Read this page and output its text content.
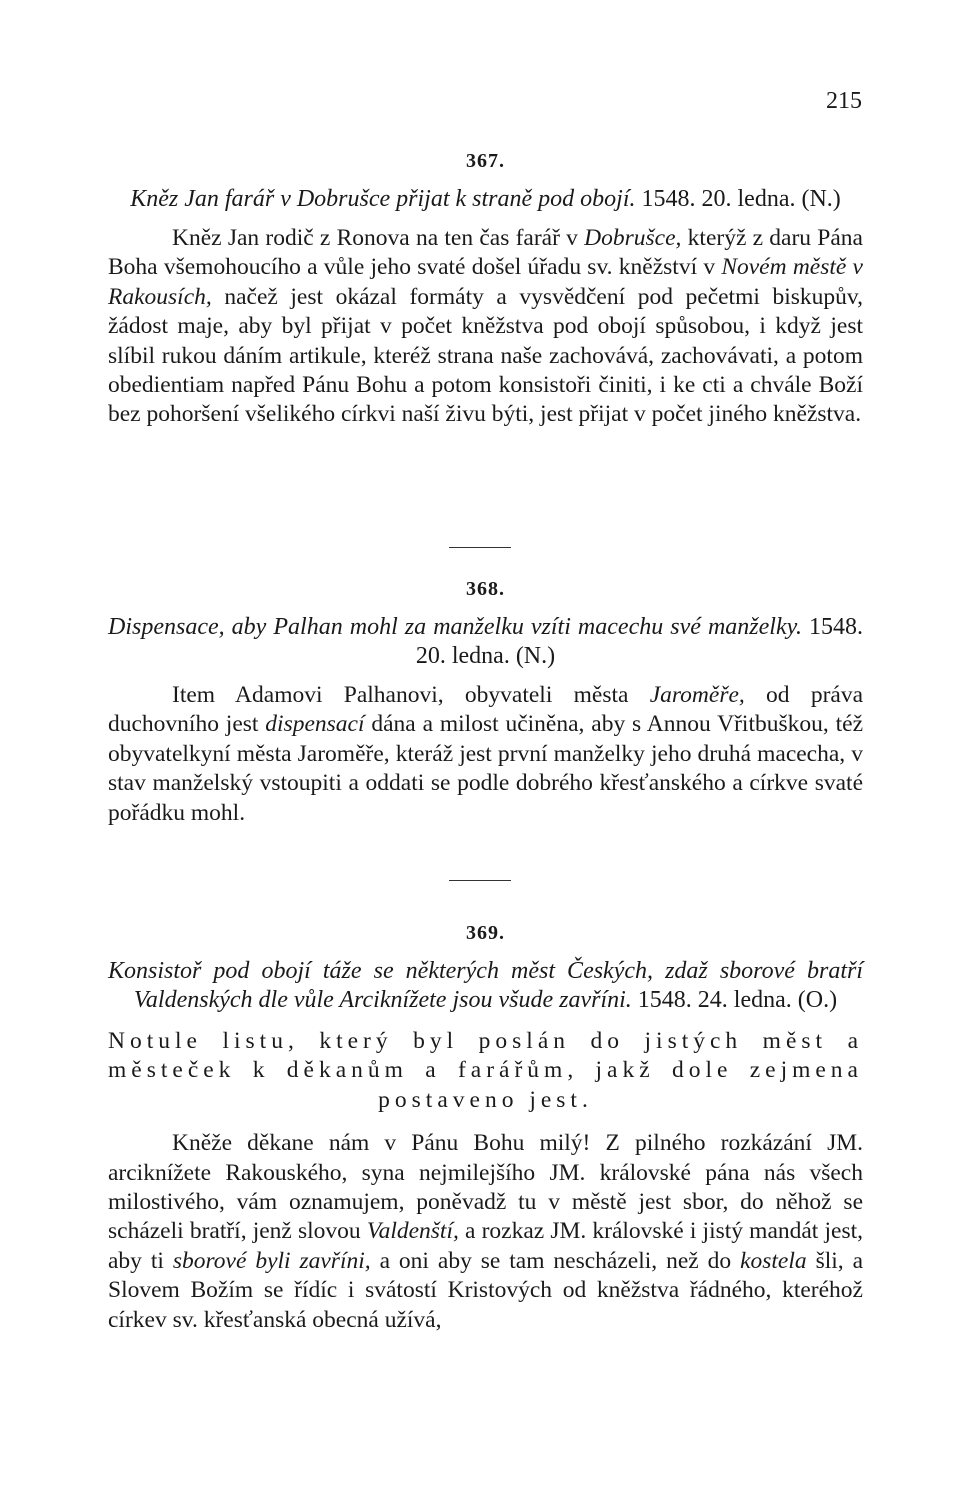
215
367.
Kněz Jan farář v Dobrušce přijat k straně pod obojí. 1548. 20. ledna. (N.)

Kněz Jan rodič z Ronova na ten čas farář v Dobrušce, kterýž z daru Pána Boha všemohoucího a vůle jeho svaté došel úřadu sv. kněžství v Novém městě v Rakousích, načež jest okázal formáty a vysvědčení pod pečetmi biskupův, žádost maje, aby byl přijat v počet kněžstva pod obojí spůsobou, i když jest slíbil rukou dáním artikule, kteréž strana naše zachovává, zachovávati, a potom obedientiam napřed Pánu Bohu a potom konsistoři činiti, i ke cti a chvále Boží bez pohoršení všelikého církvi naší živu býti, jest přijat v počet jiného kněžstva.

368.
Dispensace, aby Palhan mohl za manželku vzíti macechu své manželky. 1548. 20. ledna. (N.)

Item Adamovi Palhanovi, obyvateli města Jaroměře, od práva duchovního jest dispensací dána a milost učiněna, aby s Annou Vřitbuškou, též obyvatelkyní města Jaroměře, kteráž jest první manželky jeho druhá macecha, v stav manželský vstoupiti a oddati se podle dobrého křesťanského a církve svaté pořádku mohl.

369.
Konsistoř pod obojí táže se některých měst Českých, zdaž sborové bratří Valdenských dle vůle Arciknížete jsou všude zavříni. 1548. 24. ledna. (O.)

Notule listu, který byl poslán do jistých měst a městeček k děkanům a farářům, jakž dole zejmena postaveno jest.

Kněže děkane nám v Pánu Bohu milý! Z pilného rozkázání JM. arciknížete Rakouského, syna nejmilejšího JM. královské pána nás všech milostivého, vám oznamujem, poněvadž tu v městě jest sbor, do něhož se scházeli bratří, jenž slovou Valdenští, a rozkaz JM. královské i jistý mandát jest, aby ti sborové byli zavříni, a oni aby se tam nescházeli, než do kostela šli, a Slovem Božím se řídíc i svátostí Kristových od kněžstva řádného, kteréhož církev sv. křesťanská obecná užívá,
